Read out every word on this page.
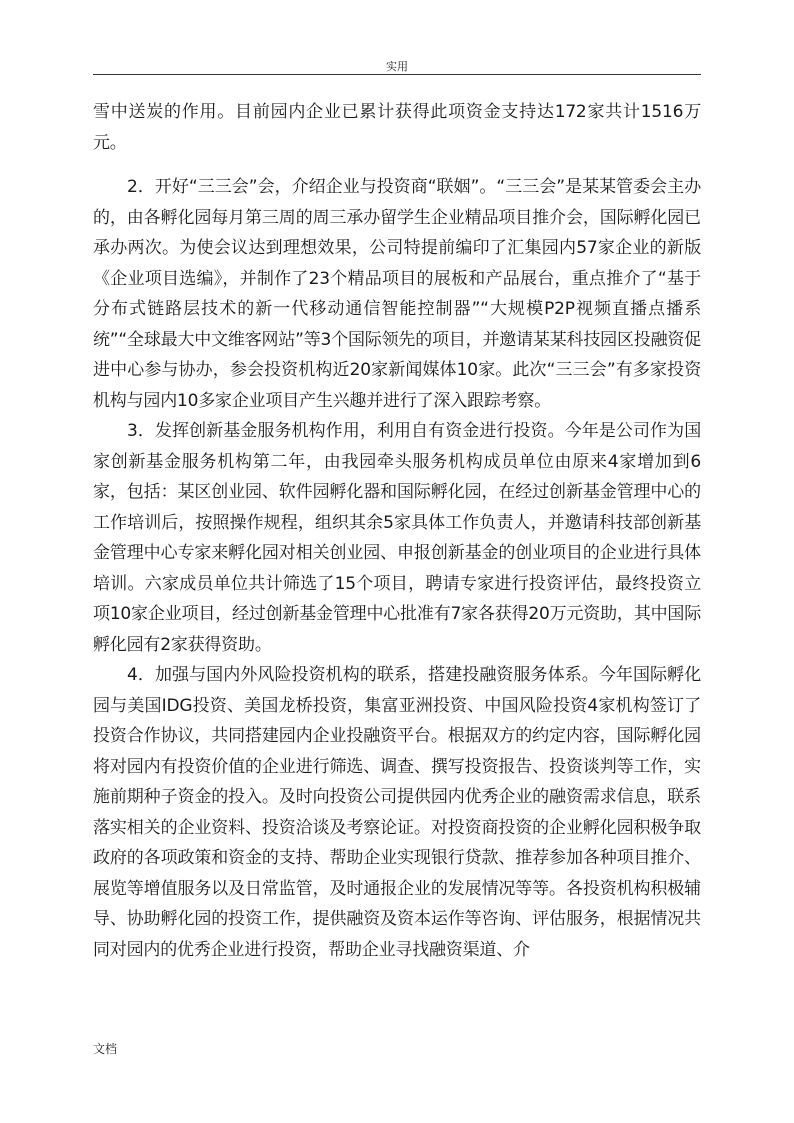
实用

雪中送炭的作用。目前园内企业已累计获得此项资金支持达172家共计1516万元。

2．开好“三三会”会，介绍企业与投资商“联姻”。“三三会”是某某管委会主办的，由各孵化园每月第三周的周三承办留学生企业精品项目推介会，国际孵化园已承办两次。为使会议达到理想效果，公司特提前编印了汇集园内57家企业的新版《企业项目选编》，并制作了23个精品项目的展板和产品展台，重点推介了“基于分布式链路层技术的新一代移动通信智能控制器”“大规模P2P视频直播点播系统”“全球最大中文维客网站”等3个国际领先的项目，并邀请某某科技园区投融资促进中心参与协办，参会投资机构近20家新闻媒体10家。此次“三三会”有多家投资机构与园内10多家企业项目产生兴趣并进行了深入跟踪考察。

3．发挥创新基金服务机构作用，利用自有资金进行投资。今年是公司作为国家创新基金服务机构第二年，由我园牵头服务机构成员单位由原来4家增加到6家，包括：某区创业园、软件园孵化器和国际孵化园，在经过创新基金管理中心的工作培训后，按照操作规程，组织其余5家具体工作负责人，并邀请科技部创新基金管理中心专家来孵化园对相关创业园、申报创新基金的创业项目的企业进行具体培训。六家成员单位共计筛选了15个项目，聘请专家进行投资评估，最终投资立项10家企业项目，经过创新基金管理中心批准有7家各获得20万元资助，其中国际孵化园有2家获得资助。

4．加强与国内外风险投资机构的联系，搭建投融资服务体系。今年国际孵化园与美国IDG投资、美国龙桥投资，集富亚洲投资、中国风险投资4家机构签订了投资合作协议，共同搭建园内企业投融资平台。根据双方的约定内容，国际孵化园将对园内有投资价值的企业进行筛选、调查、撰写投资报告、投资谈判等工作，实施前期种子资金的投入。及时向投资公司提供园内优秀企业的融资需求信息，联系落实相关的企业资料、投资洽谈及考察论证。对投资商投资的企业孵化园积极争取政府的各项政策和资金的支持、帮助企业实现银行贷款、推荐参加各种项目推介、展览等增值服务以及日常监管，及时通报企业的发展情况等等。各投资机构积极辅导、协助孵化园的投资工作，提供融资及资本运作等咨询、评估服务，根据情况共同对园内的优秀企业进行投资，帮助企业寻找融资渠道、介

文档
